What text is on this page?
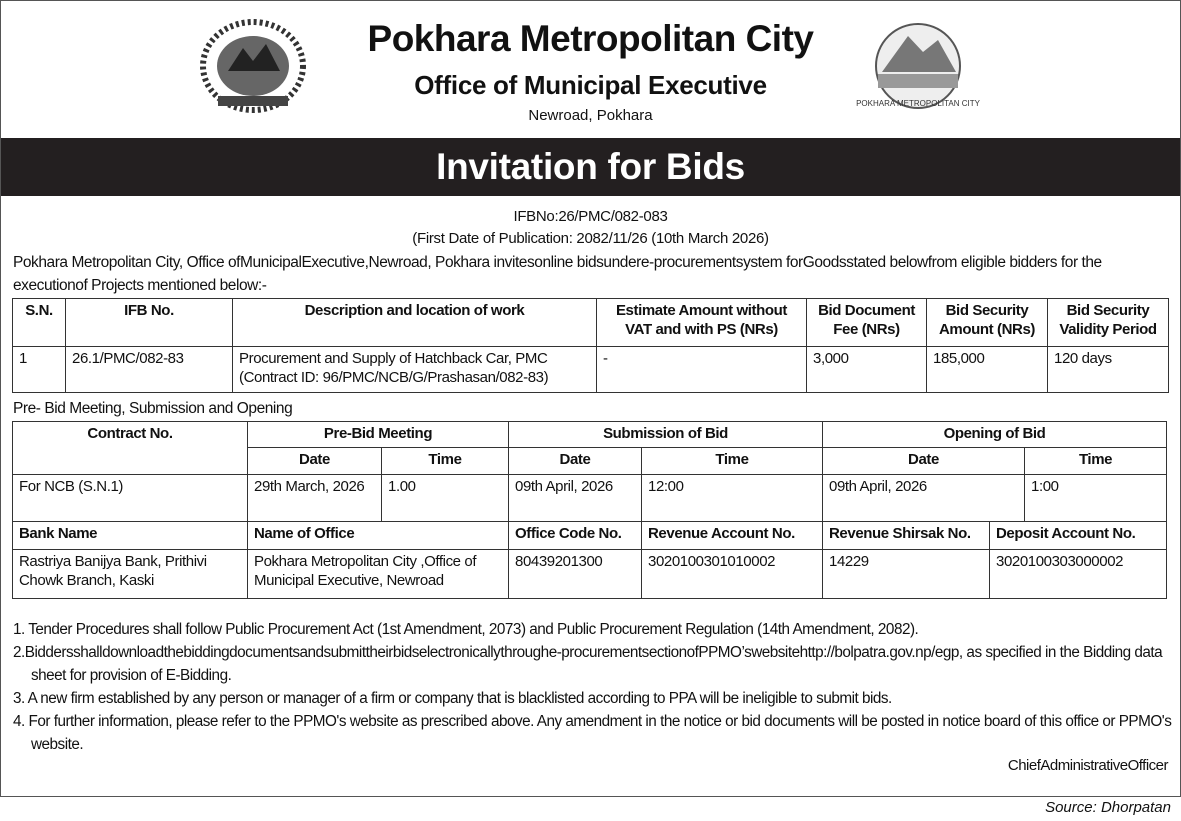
POKHARA METROPOLITAN CITY
Pokhara Metropolitan City
Office of Municipal Executive
Newroad, Pokhara
Invitation for Bids
IFBNo:26/PMC/082-083
(First Date of Publication: 2082/11/26 (10th March 2026)
Pokhara Metropolitan City, Office ofMunicipalExecutive,Newroad, Pokhara invitesonline bidsundere-procurementsystem forGoodsstated belowfrom eligible bidders for the executionof Projects mentioned below:-
S.N.	IFB No.	Description and location of work	Estimate Amount without VAT and with PS (NRs)	Bid Document Fee (NRs)	Bid Security Amount (NRs)	Bid Security Validity Period
1	26.1/PMC/082-83	Procurement and Supply of Hatchback Car, PMC (Contract ID: 96/PMC/NCB/G/Prashasan/082-83)	-	3,000	185,000	120 days
Pre- Bid Meeting, Submission and Opening
Contract No.	Pre-Bid Meeting		Submission of Bid		Opening of Bid	
	Date	Time	Date	Time	Date	Time
For NCB (S.N.1)	29th March, 2026	1.00	09th April, 2026	12:00	09th April, 2026	1:00
Bank Name	Name of Office	Office Code No.	Revenue Account No.	Revenue Shirsak No.	Deposit Account No.
Rastriya Banijya Bank, Prithivi Chowk Branch, Kaski	Pokhara Metropolitan City ,Office of Municipal Executive, Newroad	80439201300	3020100301010002	14229	3020100303000002
1. Tender Procedures shall follow Public Procurement Act (1st Amendment, 2073) and Public Procurement Regulation (14th Amendment, 2082).
2.Biddersshalldownloadthebiddingdocumentsandsubmittheirbidselectronicallythroughe-procurementsectionofPPMO’swebsitehttp://bolpatra.gov.np/egp, as specified in the Bidding data sheet for provision of E-Bidding.
3. A new firm established by any person or manager of a firm or company that is blacklisted according to PPA will be ineligible to submit bids.
4. For further information, please refer to the PPMO's website as prescribed above. Any amendment in the notice or bid documents will be posted in notice board of this office or PPMO's website.
ChiefAdministrativeOfficer
Source: Dhorpatan
